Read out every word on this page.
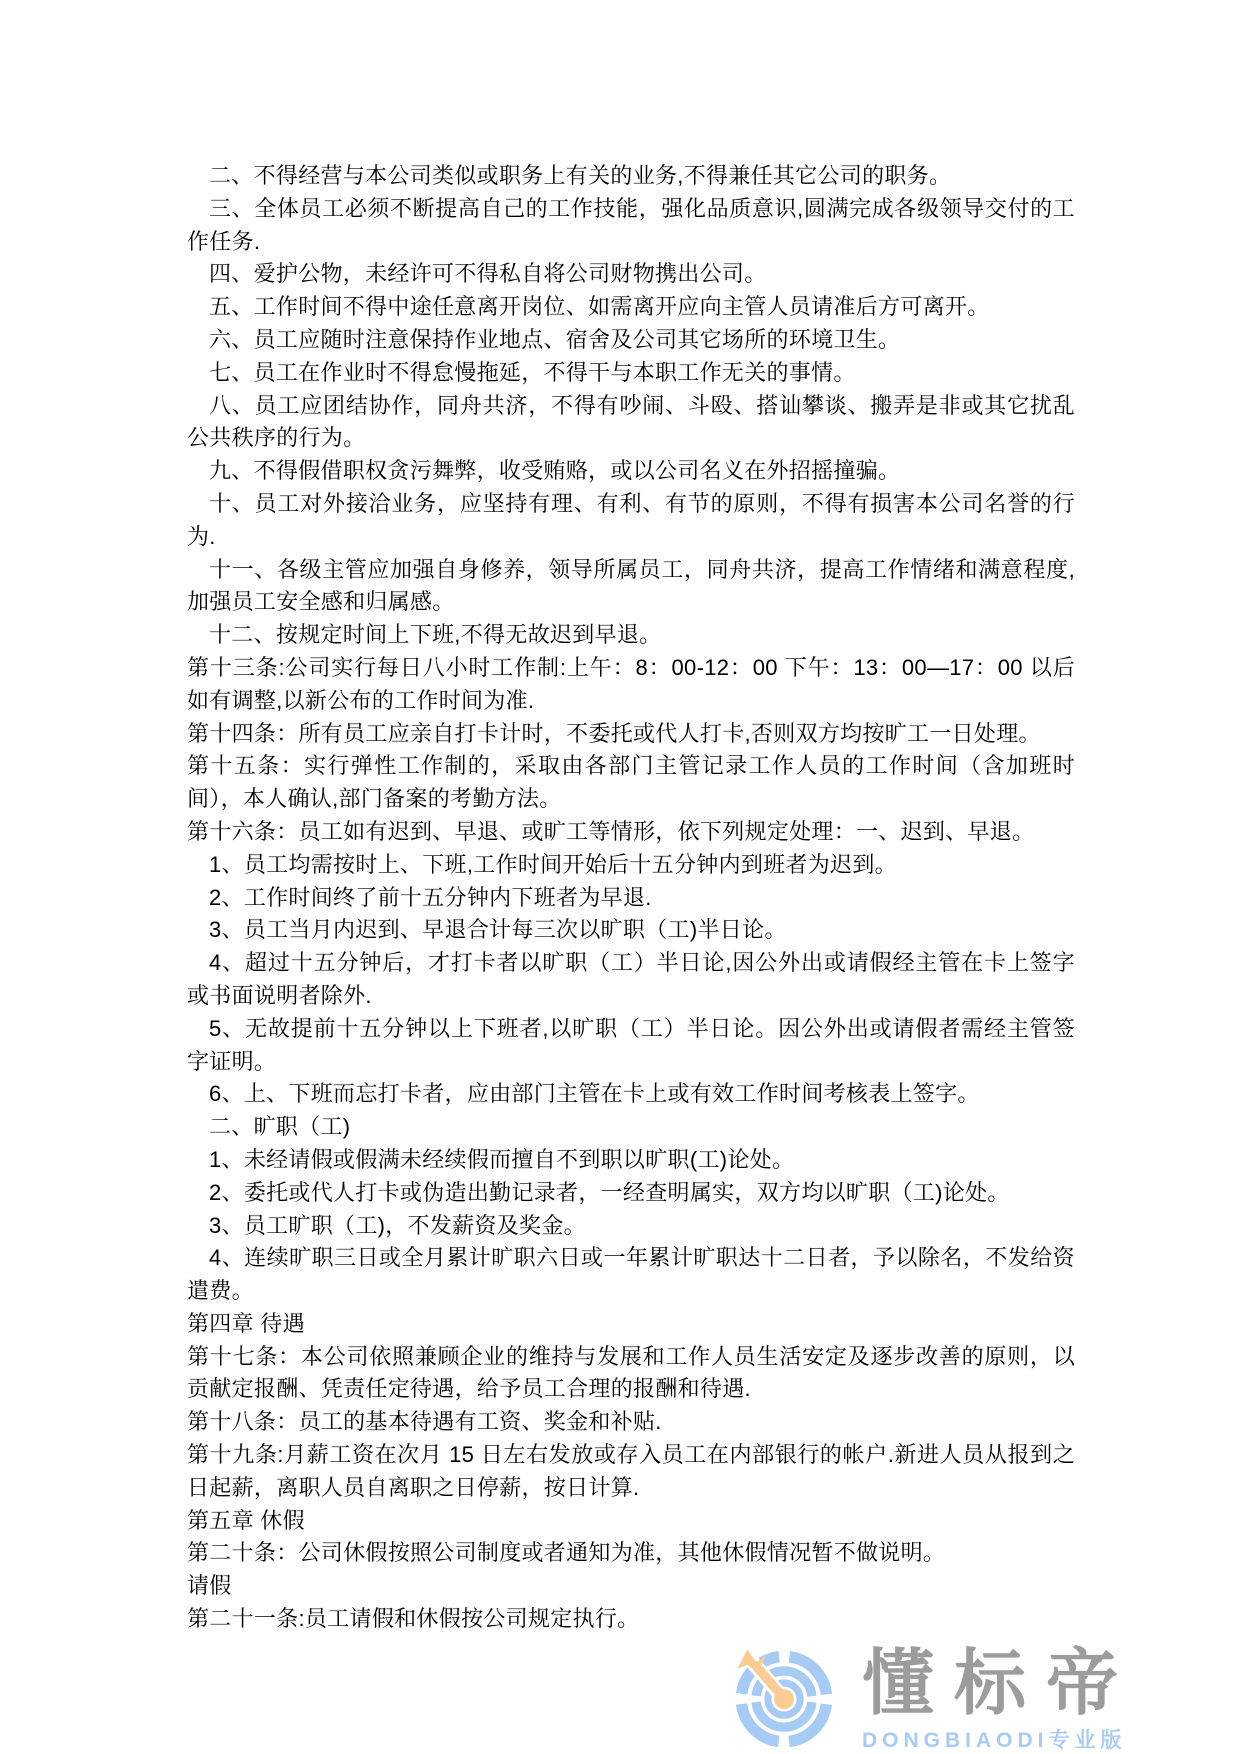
二、不得经营与本公司类似或职务上有关的业务,不得兼任其它公司的职务。

三、全体员工必须不断提高自己的工作技能，强化品质意识,圆满完成各级领导交付的工作任务.

四、爱护公物，未经许可不得私自将公司财物携出公司。

五、工作时间不得中途任意离开岗位、如需离开应向主管人员请准后方可离开。

六、员工应随时注意保持作业地点、宿舍及公司其它场所的环境卫生。

七、员工在作业时不得怠慢拖延，不得干与本职工作无关的事情。

八、员工应团结协作，同舟共济，不得有吵闹、斗殴、搭讪攀谈、搬弄是非或其它扰乱公共秩序的行为。

九、不得假借职权贪污舞弊，收受贿赂，或以公司名义在外招摇撞骗。

十、员工对外接洽业务，应坚持有理、有利、有节的原则，不得有损害本公司名誉的行为.

十一、各级主管应加强自身修养，领导所属员工，同舟共济，提高工作情绪和满意程度,加强员工安全感和归属感。

十二、按规定时间上下班,不得无故迟到早退。

第十三条:公司实行每日八小时工作制:上午：8：00-12：00 下午：13：00—17：00 以后如有调整,以新公布的工作时间为准.

第十四条：所有员工应亲自打卡计时，不委托或代人打卡,否则双方均按旷工一日处理。

第十五条：实行弹性工作制的，采取由各部门主管记录工作人员的工作时间（含加班时间），本人确认,部门备案的考勤方法。

第十六条：员工如有迟到、早退、或旷工等情形，依下列规定处理：一、迟到、早退。

1、员工均需按时上、下班,工作时间开始后十五分钟内到班者为迟到。

2、工作时间终了前十五分钟内下班者为早退.

3、员工当月内迟到、早退合计每三次以旷职（工)半日论。

4、超过十五分钟后，才打卡者以旷职（工）半日论,因公外出或请假经主管在卡上签字或书面说明者除外.

5、无故提前十五分钟以上下班者,以旷职（工）半日论。因公外出或请假者需经主管签字证明。

6、上、下班而忘打卡者，应由部门主管在卡上或有效工作时间考核表上签字。

二、旷职（工)

1、未经请假或假满未经续假而擅自不到职以旷职(工)论处。

2、委托或代人打卡或伪造出勤记录者，一经查明属实，双方均以旷职（工)论处。

3、员工旷职（工)，不发薪资及奖金。

4、连续旷职三日或全月累计旷职六日或一年累计旷职达十二日者，予以除名，不发给资遣费。

第四章 待遇

第十七条：本公司依照兼顾企业的维持与发展和工作人员生活安定及逐步改善的原则，以贡献定报酬、凭责任定待遇，给予员工合理的报酬和待遇.

第十八条：员工的基本待遇有工资、奖金和补贴.

第十九条:月薪工资在次月 15 日左右发放或存入员工在内部银行的帐户.新进人员从报到之日起薪，离职人员自离职之日停薪，按日计算.

第五章 休假

第二十条：公司休假按照公司制度或者通知为准，其他休假情况暂不做说明。

请假

第二十一条:员工请假和休假按公司规定执行。

懂标帝
DONGBIAODI专业版
